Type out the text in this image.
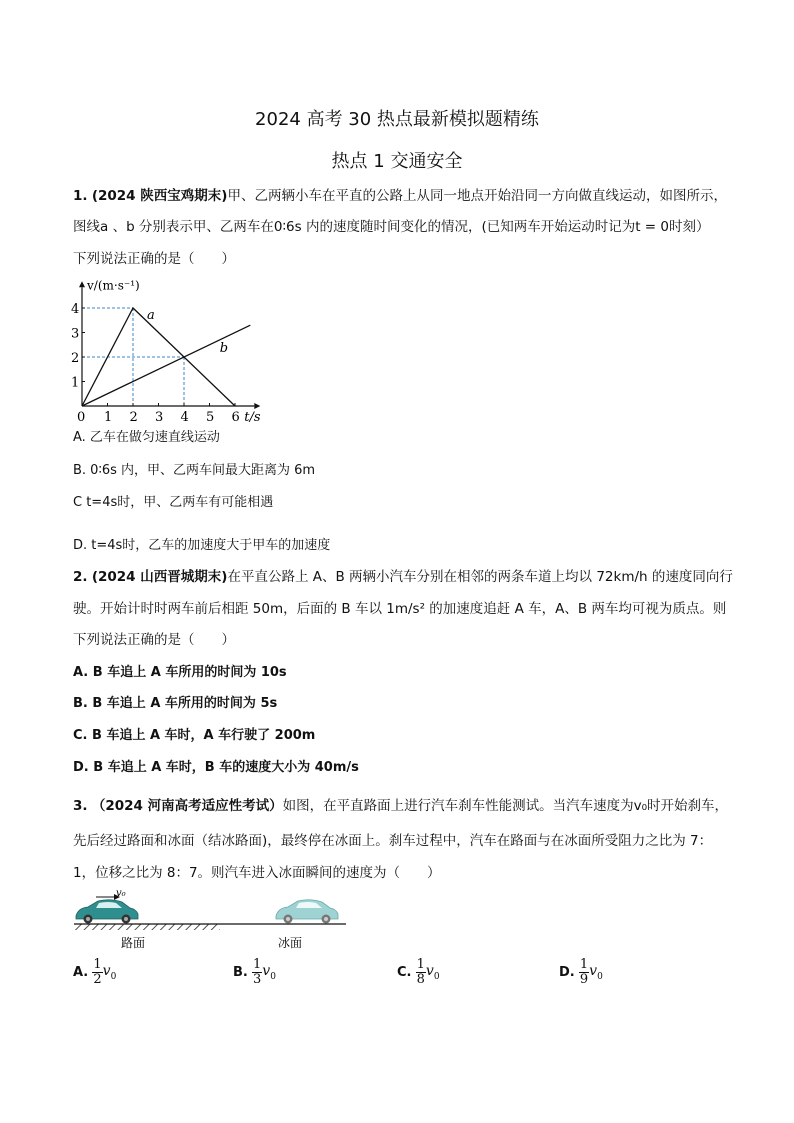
2024 高考 30 热点最新模拟题精练
热点 1 交通安全
1. (2024 陕西宝鸡期末)甲、乙两辆小车在平直的公路上从同一地点开始沿同一方向做直线运动，如图所示，
图线a 、b 分别表示甲、乙两车在0∶6s 内的速度随时间变化的情况，(已知两车开始运动时记为t = 0时刻）
下列说法正确的是（　　）
a
b
0 1 2 3 4 5 6
1
2
3
4
v/(m·s⁻¹)
t/s
A. 乙车在做匀速直线运动
B. 0∶6s 内，甲、乙两车间最大距离为 6m
C t=4s时，甲、乙两车有可能相遇
D. t=4s时，乙车的加速度大于甲车的加速度
2. (2024 山西晋城期末)在平直公路上 A、B 两辆小汽车分别在相邻的两条车道上均以 72km/h 的速度同向行
驶。开始计时时两车前后相距 50m，后面的 B 车以 1m/s² 的加速度追赶 A 车，A、B 两车均可视为质点。则
下列说法正确的是（　　）
A. B 车追上 A 车所用的时间为 10s
B. B 车追上 A 车所用的时间为 5s
C. B 车追上 A 车时，A 车行驶了 200m
D. B 车追上 A 车时，B 车的速度大小为 40m/s
3. （2024 河南高考适应性考试）如图，在平直路面上进行汽车刹车性能测试。当汽车速度为v₀时开始刹车，
先后经过路面和冰面（结冰路面)，最终停在冰面上。刹车过程中，汽车在路面与在冰面所受阻力之比为 7：
1，位移之比为 8：7。则汽车进入冰面瞬间的速度为（　　）
v₀
路面	冰面
A. $\frac{1}{2} v_0$	B. $\frac{1}{3} v_0$	C. $\frac{1}{8} v_0$	D. $\frac{1}{9} v_0$
